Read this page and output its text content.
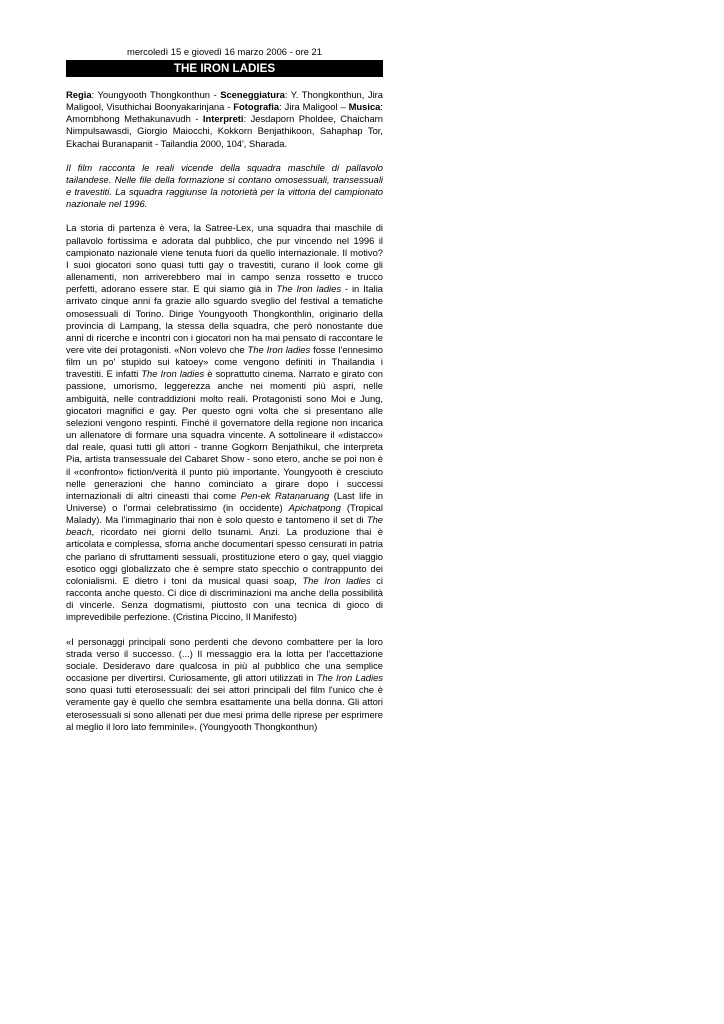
mercoledì 15 e giovedì 16 marzo 2006 - ore 21
THE IRON LADIES
Regia: Youngyooth Thongkonthun - Sceneggiatura: Y. Thongkonthun, Jira Maligool, Visuthichai Boonyakarinjana - Fotografia: Jira Maligool – Musica: Amornbhong Methakunavudh - Interpreti: Jesdaporn Pholdee, Chaicharn Nimpulsawasdi, Giorgio Maiocchi, Kokkorn Benjathikoon, Sahaphap Tor, Ekachai Buranapanit - Tailandia 2000, 104', Sharada.
Il film racconta le reali vicende della squadra maschile di pallavolo tailandese. Nelle file della formazione si contano omosessuali, transessuali e travestiti. La squadra raggiunse la notorietà per la vittoria del campionato nazionale nel 1996.
La storia di partenza è vera, la Satree-Lex, una squadra thai maschile di pallavolo fortissima e adorata dal pubblico, che pur vincendo nel 1996 il campionato nazionale viene tenuta fuori da quello internazionale. Il motivo? I suoi giocatori sono quasi tutti gay o travestiti, curano il look come gli allenamenti, non arriverebbero mai in campo senza rossetto e trucco perfetti, adorano essere star. E qui siamo già in The Iron ladies - in Italia arrivato cinque anni fa grazie allo sguardo sveglio del festival a tematiche omosessuali di Torino. Dirige Youngyooth Thongkonthlin, originario della provincia di Lampang, la stessa della squadra, che però nonostante due anni di ricerche e incontri con i giocatori non ha mai pensato di raccontare le vere vite dei protagonisti. «Non volevo che The Iron ladies fosse l'ennesimo film un po' stupido sui katoey» come vengono definiti in Thailandia i travestiti. E infatti The Iron ladies è soprattutto cinema. Narrato e girato con passione, umorismo, leggerezza anche nei momenti più aspri, nelle ambiguità, nelle contraddizioni molto reali. Protagonisti sono Moi e Jung, giocatori magnifici e gay. Per questo ogni volta che si presentano alle selezioni vengono respinti. Finché il governatore della regione non incarica un allenatore di formare una squadra vincente. A sottolineare il «distacco» dal reale, quasi tutti gli attori - tranne Gogkorn Benjathikul, che interpreta Pia, artista transessuale del Cabaret Show - sono etero, anche se poi non è il «confronto» fiction/verità il punto più importante. Youngyooth è cresciuto nelle generazioni che hanno cominciato a girare dopo i successi internazionali di altri cineasti thai come Pen-ek Ratanaruang (Last life in Universe) o l'ormai celebratissimo (in occidente) Apichatpong (Tropical Malady). Ma l'immaginario thai non è solo questo e tantomeno il set di The beach, ricordato nei giorni dello tsunami. Anzi. La produzione thai è articolata e complessa, sforna anche documentari spesso censurati in patria che parlano di sfruttamenti sessuali, prostituzione etero o gay, quel viaggio esotico oggi globalizzato che è sempre stato specchio o contrappunto dei colonialismi. E dietro i toni da musical quasi soap, The Iron ladies ci racconta anche questo. Ci dice di discriminazioni ma anche della possibilità di vincerle. Senza dogmatismi, piuttosto con una tecnica di gioco di imprevedibile perfezione. (Cristina Piccino, Il Manifesto)
«I personaggi principali sono perdenti che devono combattere per la loro strada verso il successo. (...) Il messaggio era la lotta per l'accettazione sociale. Desideravo dare qualcosa in più al pubblico che una semplice occasione per divertirsi. Curiosamente, gli attori utilizzati in The Iron Ladies sono quasi tutti eterosessuali: dei sei attori principali del film l'unico che è veramente gay è quello che sembra esattamente una bella donna. Gli attori eterosessuali si sono allenati per due mesi prima delle riprese per esprimere al meglio il loro lato femminile». (Youngyooth Thongkonthun)
